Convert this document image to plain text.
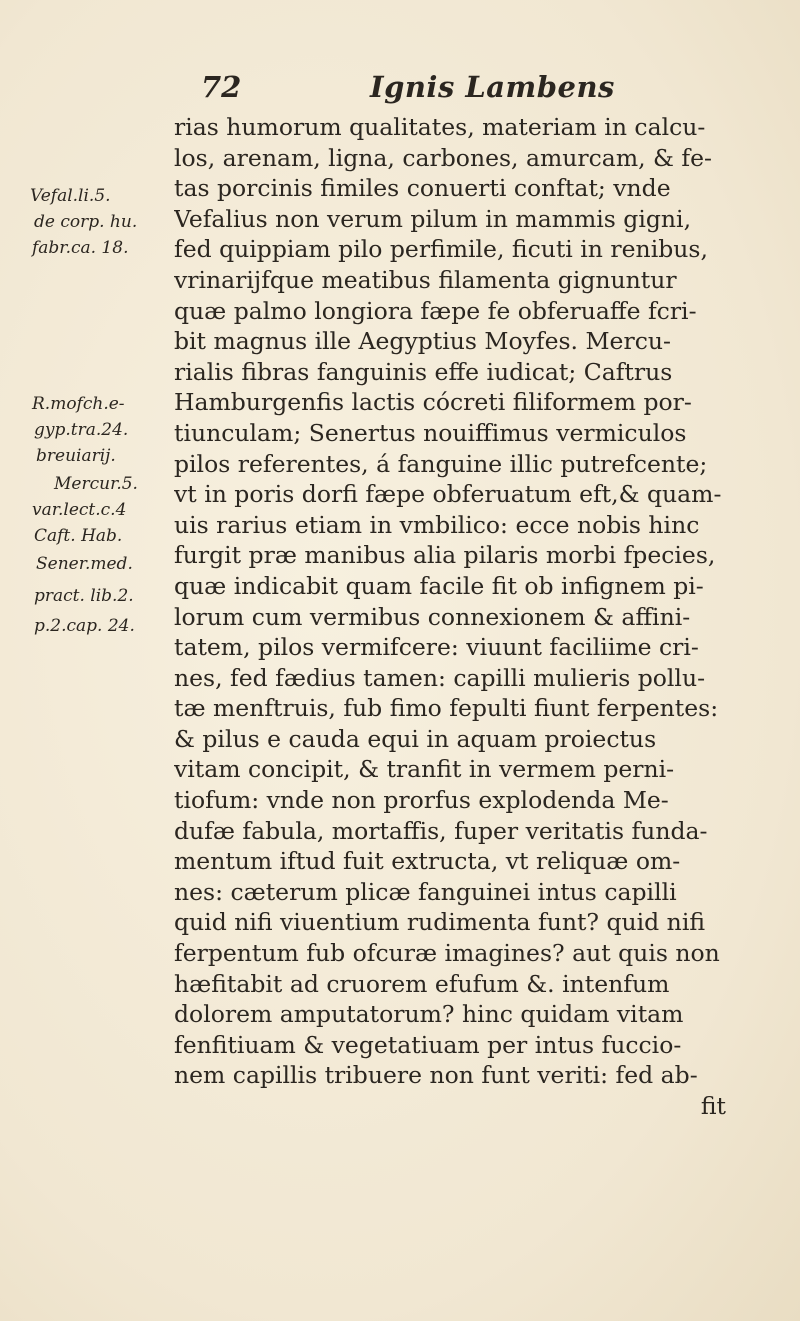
72	Ignis Lambens
Vefal.li.5.
de corp. hu.
fabr.ca. 18.
R.mofch.e-
gyp.tra.24.
breuiarij.
Mercur.5.
var.lect.c.4
Caft. Hab.
Sener.med.
pract. lib.2.
p.2.cap. 24.
rias humorum qualitates, materiam in calcu-
los, arenam, ligna, carbones, amurcam, & fe-
tas porcinis fimiles conuerti conftat; vnde
Vefalius non verum pilum in mammis gigni,
fed quippiam pilo perfimile, ficuti in renibus,
vrinarijfque meatibus filamenta gignuntur
quæ palmo longiora fæpe fe obferuaffe fcri-
bit magnus ille Aegyptius Moyfes. Mercu-
rialis fibras fanguinis effe iudicat; Caftrus
Hamburgenfis lactis cócreti filiformem por-
tiunculam; Senertus nouiffimus vermiculos
pilos referentes, á fanguine illic putrefcente;
vt in poris dorfi fæpe obferuatum eft,& quam-
uis rarius etiam in vmbilico: ecce nobis hinc
furgit præ manibus alia pilaris morbi fpecies,
quæ indicabit quam facile fit ob infignem pi-
lorum cum vermibus connexionem & affini-
tatem, pilos vermifcere: viuunt faciliime cri-
nes, fed fædius tamen: capilli mulieris pollu-
tæ menftruis, fub fimo fepulti fiunt ferpentes:
& pilus e cauda equi in aquam proiectus
vitam concipit, & tranfit in vermem perni-
tiofum: vnde non prorfus explodenda Me-
dufæ fabula, mortaffis, fuper veritatis funda-
mentum iftud fuit extructa, vt reliquæ om-
nes: cæterum plicæ fanguinei intus capilli
quid nifi viuentium rudimenta funt? quid nifi
ferpentum fub ofcuræ imagines? aut quis non
hæfitabit ad cruorem efufum &. intenfum
dolorem amputatorum? hinc quidam vitam
fenfitiuam & vegetatiuam per intus fuccio-
nem capillis tribuere non funt veriti: fed ab-
fit
